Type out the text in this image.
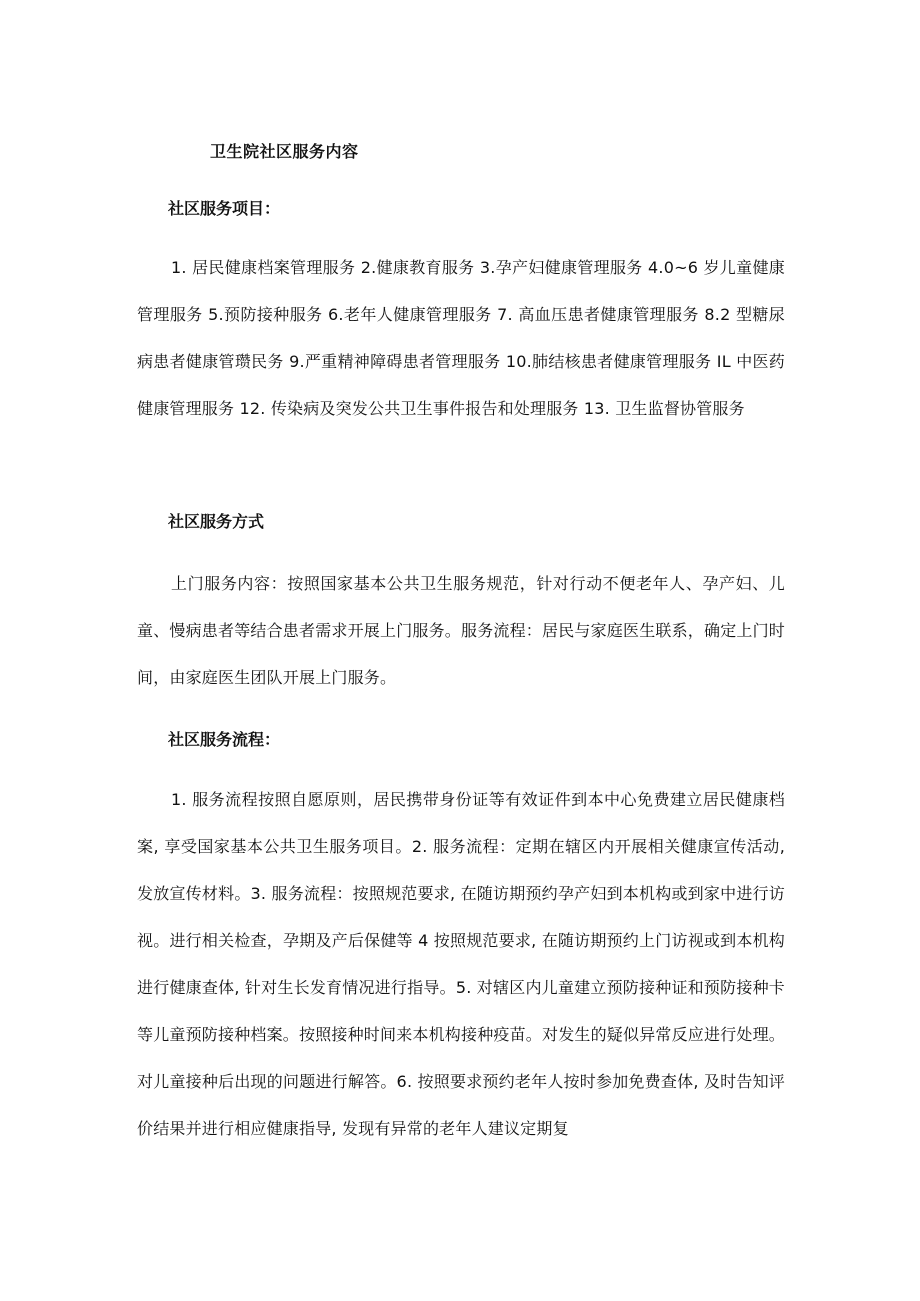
卫生院社区服务内容
社区服务项目：
1. 居民健康档案管理服务 2.健康教育服务 3.孕产妇健康管理服务 4.0~6 岁儿童健康管理服务 5.预防接种服务 6.老年人健康管理服务 7. 高血压患者健康管理服务 8.2 型糖尿病患者健康管瓒民务 9.严重精神障碍患者管理服务 10.肺结核患者健康管理服务 IL 中医药健康管理服务 12. 传染病及突发公共卫生事件报告和处理服务 13. 卫生监督协管服务
社区服务方式
上门服务内容：按照国家基本公共卫生服务规范，针对行动不便老年人、孕产妇、儿童、慢病患者等结合患者需求开展上门服务。服务流程：居民与家庭医生联系，确定上门时间，由家庭医生团队开展上门服务。
社区服务流程：
1. 服务流程按照自愿原则，居民携带身份证等有效证件到本中心免费建立居民健康档案, 享受国家基本公共卫生服务项目。2. 服务流程：定期在辖区内开展相关健康宣传活动, 发放宣传材料。3. 服务流程：按照规范要求, 在随访期预约孕产妇到本机构或到家中进行访视。进行相关检查，孕期及产后保健等 4 按照规范要求, 在随访期预约上门访视或到本机构进行健康查体, 针对生长发育情况进行指导。5. 对辖区内儿童建立预防接种证和预防接种卡等儿童预防接种档案。按照接种时间来本机构接种疫苗。对发生的疑似异常反应进行处理。对儿童接种后出现的问题进行解答。6. 按照要求预约老年人按时参加免费查体, 及时告知评价结果并进行相应健康指导, 发现有异常的老年人建议定期复
